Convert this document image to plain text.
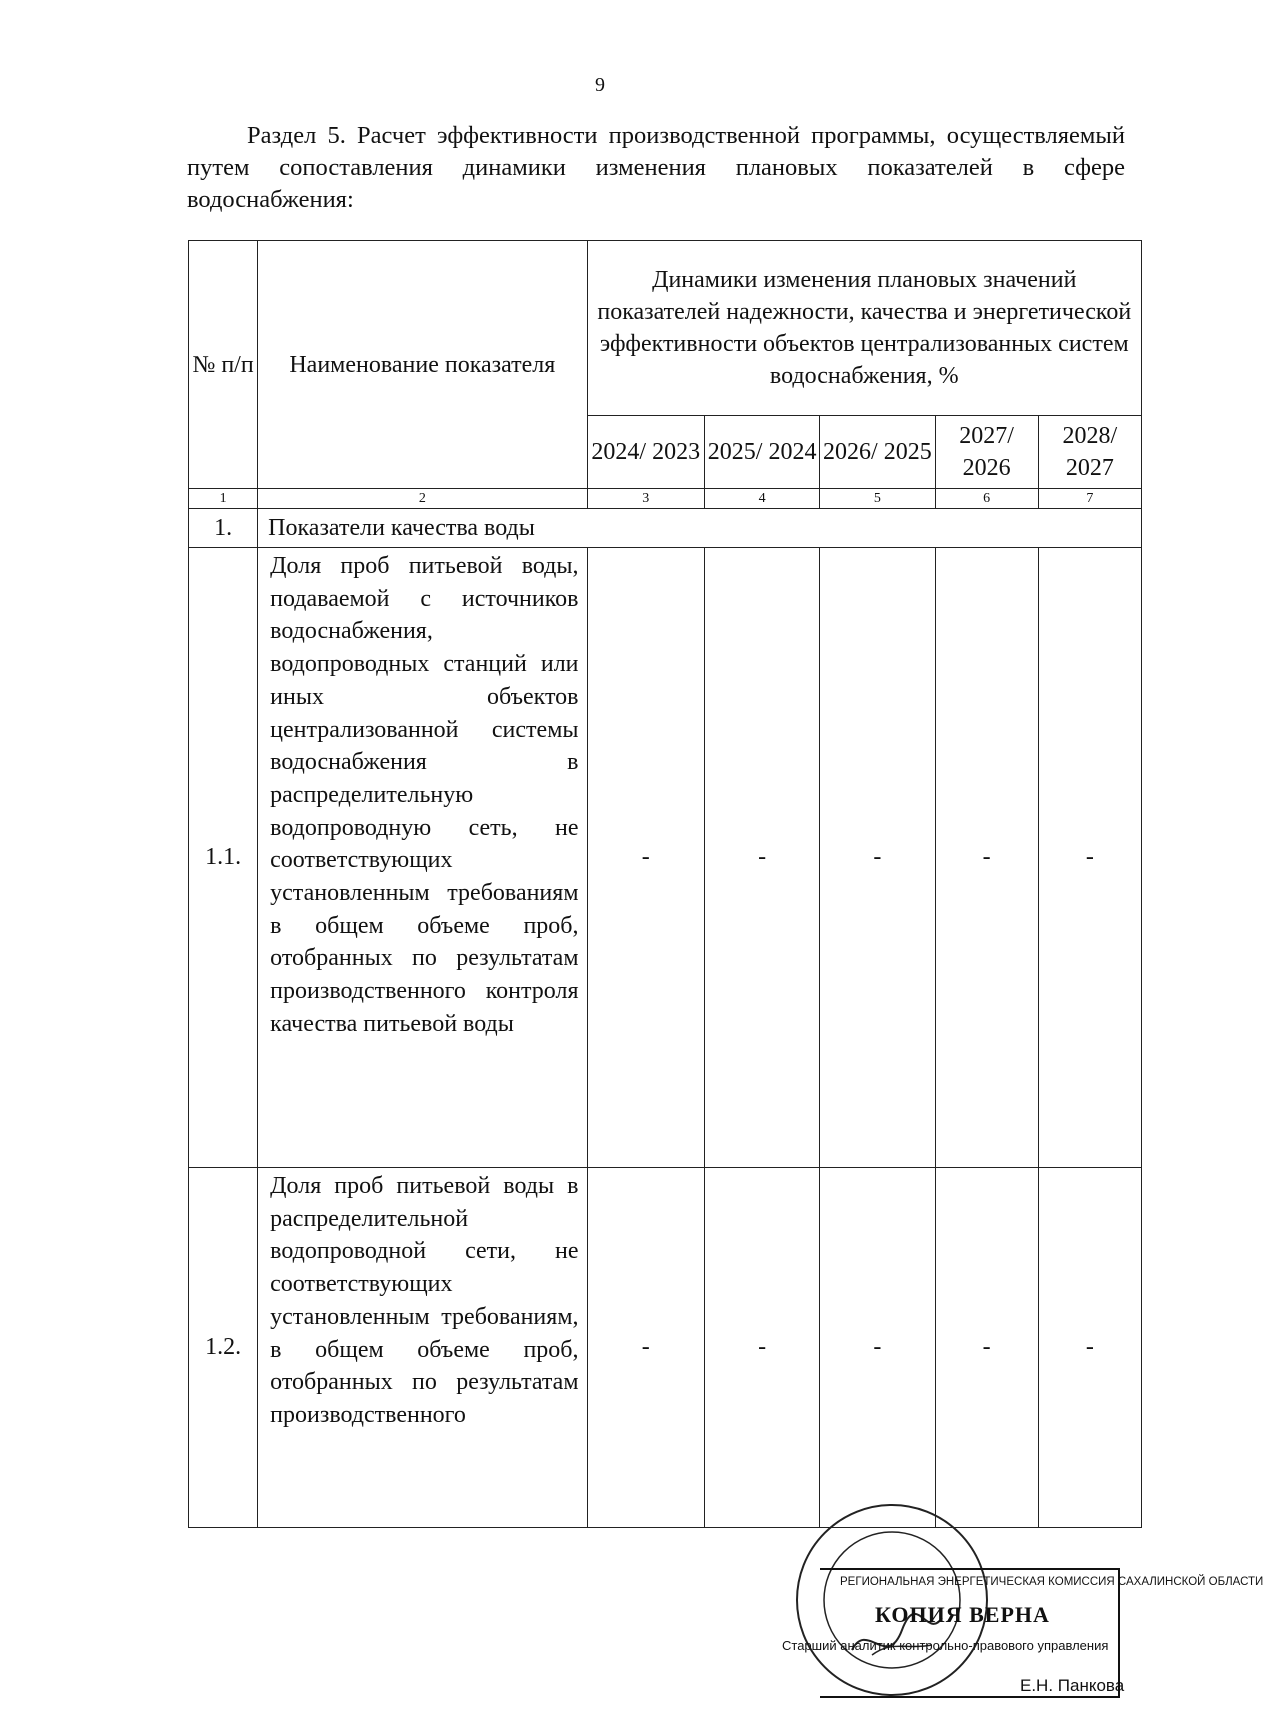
9

Раздел 5. Расчет эффективности производственной программы, осуществляемый путем сопоставления динамики изменения плановых показателей в сфере водоснабжения:

№ п/п	Наименование показателя	Динамики изменения плановых значений показателей надежности, качества и энергетической эффективности объектов централизованных систем водоснабжения, %				
		2024/ 2023	2025/ 2024	2026/ 2025	2027/ 2026	2028/ 2027
1	2	3	4	5	6	7
1.	Показатели качества воды					
1.1.	Доля проб питьевой воды, подаваемой с источников водоснабжения, водопроводных станций или иных объектов централизованной системы водоснабжения в распределительную водопроводную сеть, не соответствующих установленным требованиям в общем объеме проб, отобранных по результатам производственного контроля качества питьевой воды	-	-	-	-	-
1.2.	Доля проб питьевой воды в распределительной водопроводной сети, не соответствующих установленным требованиям, в общем объеме проб, отобранных по результатам производственного	-	-	-	-	-
РЕГИОНАЛЬНАЯ ЭНЕРГЕТИЧЕСКАЯ КОМИССИЯ САХАЛИНСКОЙ ОБЛАСТИ
КОПИЯ ВЕРНА
Старший аналитик контрольно-правового управления
Е.Н. Панкова
